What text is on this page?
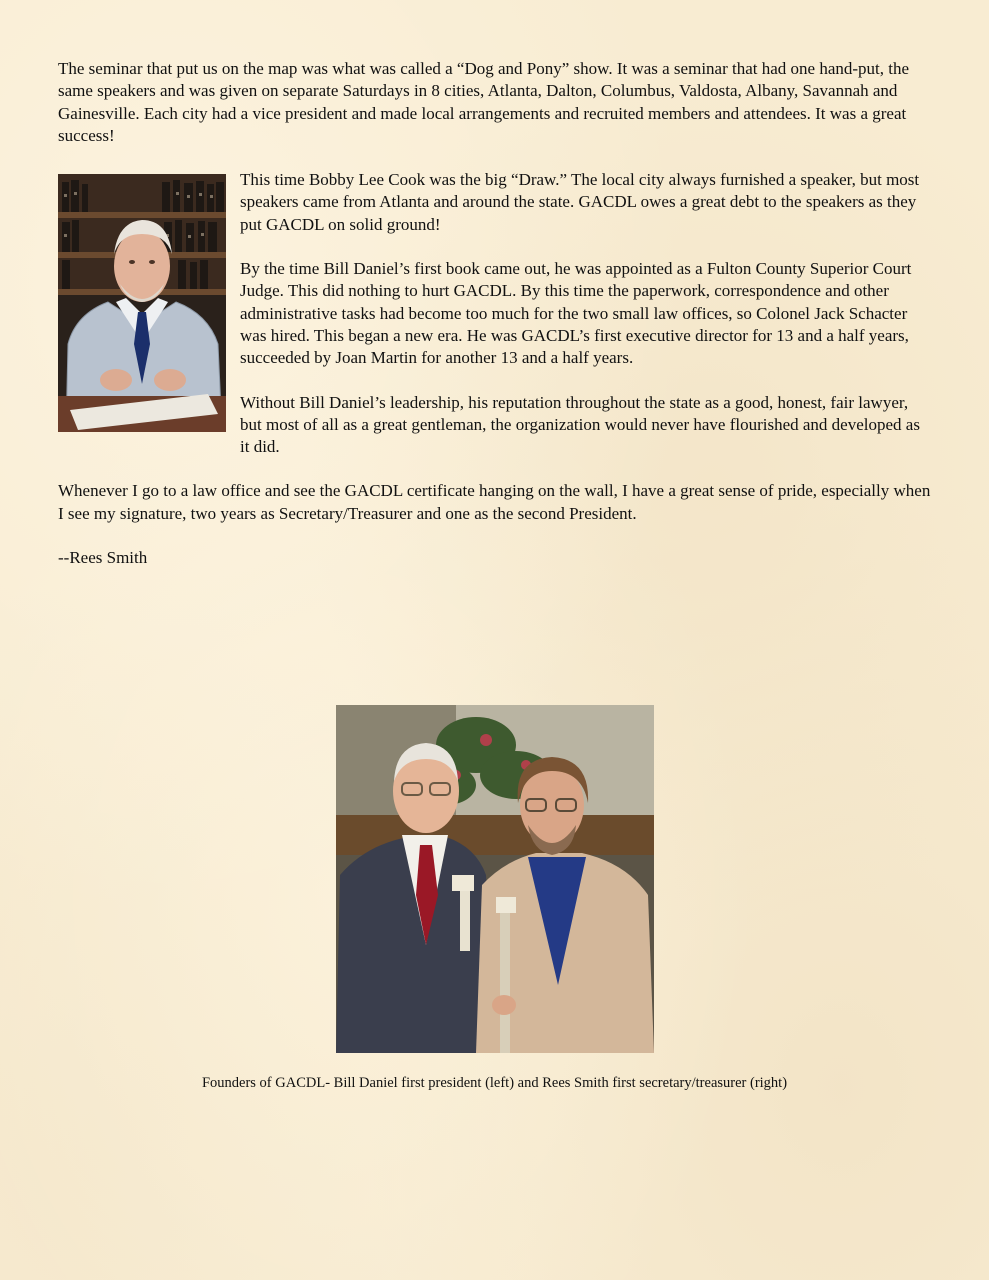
The seminar that put us on the map was what was called a “Dog and Pony” show. It was a seminar that had one hand-put, the same speakers and was given on separate Saturdays in 8 cities, Atlanta, Dalton, Columbus, Valdosta, Albany, Savannah and Gainesville. Each city had a vice president and made local arrangements and recruited members and attendees. It was a great success!

This time Bobby Lee Cook was the big “Draw.” The local city always furnished a speaker, but most speakers came from Atlanta and around the state. GACDL owes a great debt to the speakers as they put GACDL on solid ground!

By the time Bill Daniel’s first book came out, he was appointed as a Fulton County Superior Court Judge. This did nothing to hurt GACDL. By this time the paperwork, correspondence and other administrative tasks had become too much for the two small law offices, so Colonel Jack Schacter was hired. This began a new era. He was GACDL’s first executive director for 13 and a half years, succeeded by Joan Martin for another 13 and a half years.

Without Bill Daniel’s leadership, his reputation throughout the state as a good, honest, fair lawyer, but most of all as a great gentleman, the organization would never have flourished and developed as it did.

Whenever I go to a law office and see the GACDL certificate hanging on the wall, I have a great sense of pride, especially when I see my signature, two years as Secretary/Treasurer and one as the second President.

--Rees Smith

Founders of GACDL- Bill Daniel first president (left) and Rees Smith first secretary/treasurer (right)
